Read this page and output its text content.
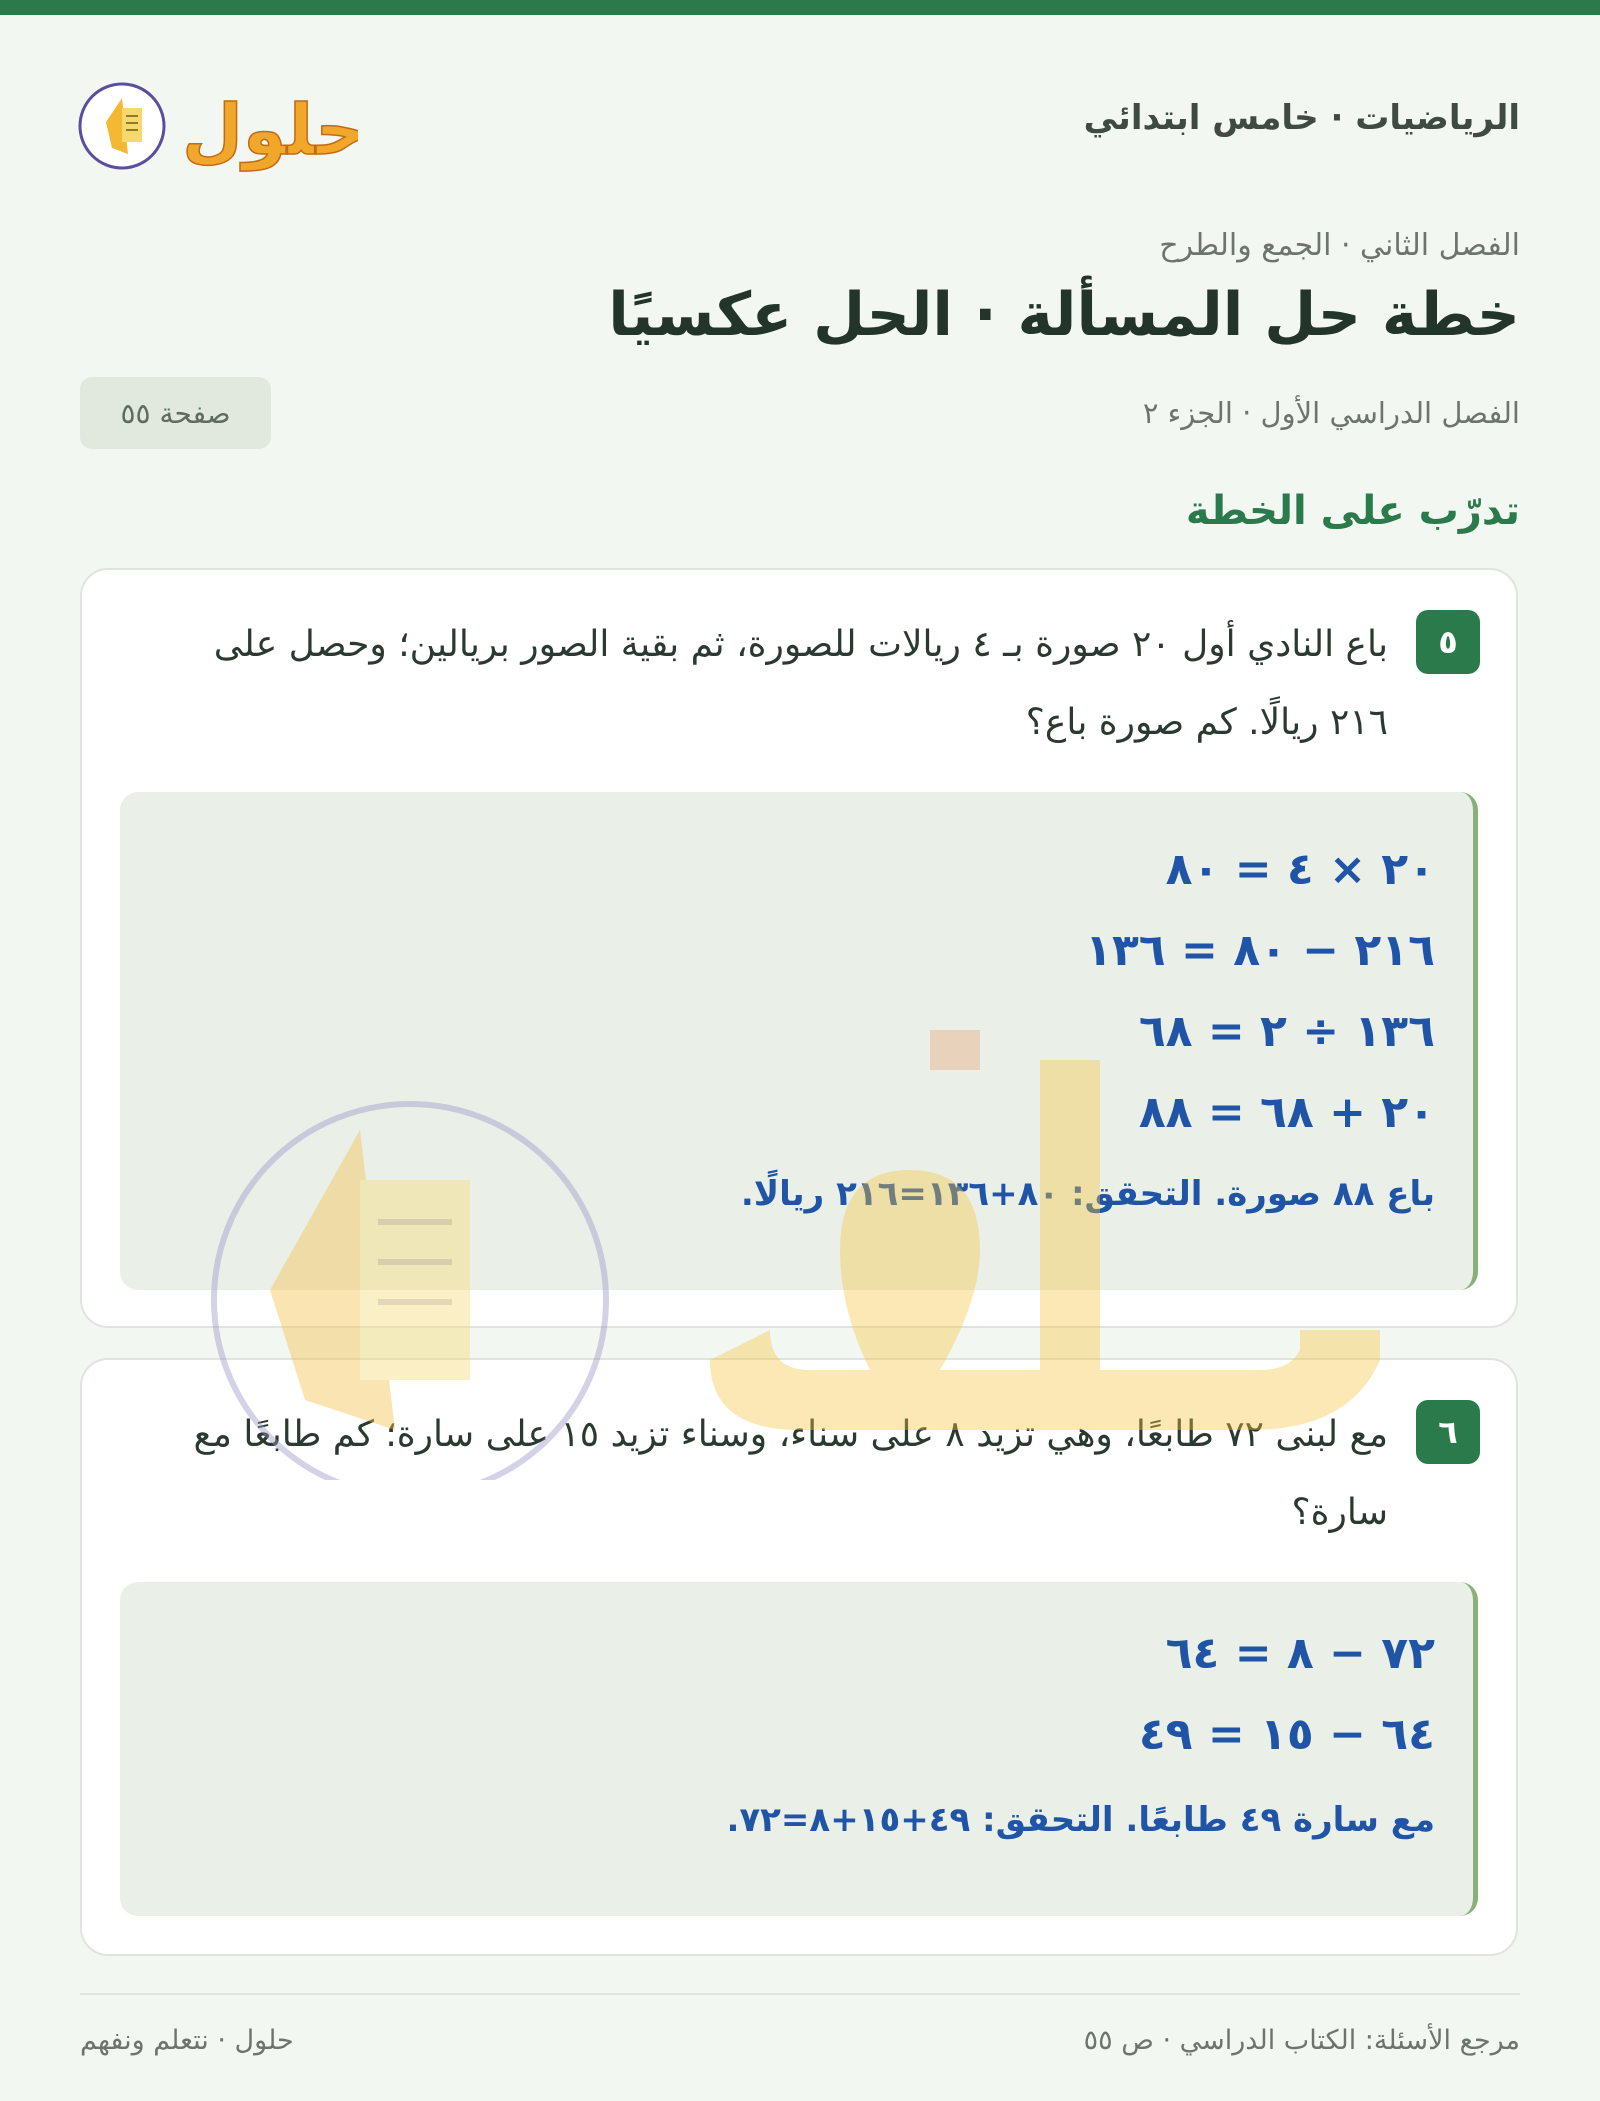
الرياضيات · خامس ابتدائي
حلول
الفصل الثاني · الجمع والطرح
خطة حل المسألة · الحل عكسيًا
الفصل الدراسي الأول · الجزء ٢
صفحة ٥٥
تدرّب على الخطة
٥
باع النادي أول ٢٠ صورة بـ ٤ ريالات للصورة، ثم بقية الصور بريالين؛ وحصل على ٢١٦ ريالًا. كم صورة باع؟
٢٠ × ٤ = ٨٠
٢١٦ − ٨٠ = ١٣٦
١٣٦ ÷ ٢ = ٦٨
٢٠ + ٦٨ = ٨٨
باع ٨٨ صورة. التحقق: ٨٠+١٣٦=٢١٦ ريالًا.
٦
مع لبنى ٧٢ طابعًا، وهي تزيد ٨ على سناء، وسناء تزيد ١٥ على سارة؛ كم طابعًا مع سارة؟
٧٢ − ٨ = ٦٤
٦٤ − ١٥ = ٤٩
مع سارة ٤٩ طابعًا. التحقق: ٤٩+١٥+٨=٧٢.
مرجع الأسئلة: الكتاب الدراسي · ص ٥٥
حلول · نتعلم ونفهم
